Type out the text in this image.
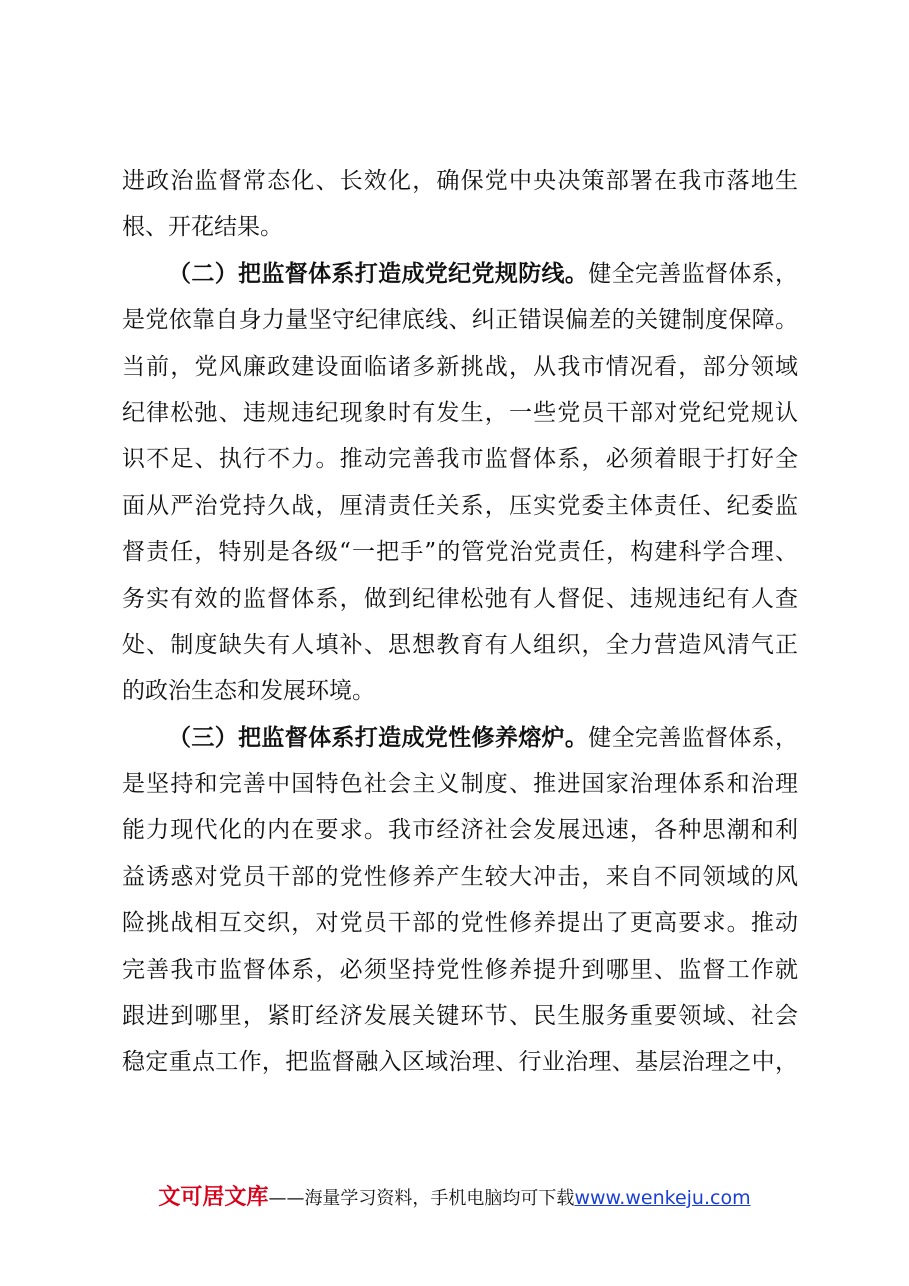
进政治监督常态化、长效化，确保党中央决策部署在我市落地生
根、开花结果。
（二）把监督体系打造成党纪党规防线。健全完善监督体系，
是党依靠自身力量坚守纪律底线、纠正错误偏差的关键制度保障。
当前，党风廉政建设面临诸多新挑战，从我市情况看，部分领域
纪律松弛、违规违纪现象时有发生，一些党员干部对党纪党规认
识不足、执行不力。推动完善我市监督体系，必须着眼于打好全
面从严治党持久战，厘清责任关系，压实党委主体责任、纪委监
督责任，特别是各级“一把手”的管党治党责任，构建科学合理、
务实有效的监督体系，做到纪律松弛有人督促、违规违纪有人查
处、制度缺失有人填补、思想教育有人组织，全力营造风清气正
的政治生态和发展环境。
（三）把监督体系打造成党性修养熔炉。健全完善监督体系，
是坚持和完善中国特色社会主义制度、推进国家治理体系和治理
能力现代化的内在要求。我市经济社会发展迅速，各种思潮和利
益诱惑对党员干部的党性修养产生较大冲击，来自不同领域的风
险挑战相互交织，对党员干部的党性修养提出了更高要求。推动
完善我市监督体系，必须坚持党性修养提升到哪里、监督工作就
跟进到哪里，紧盯经济发展关键环节、民生服务重要领域、社会
稳定重点工作，把监督融入区域治理、行业治理、基层治理之中，
文可居文库——海量学习资料，手机电脑均可下载www.wenkeju.com
